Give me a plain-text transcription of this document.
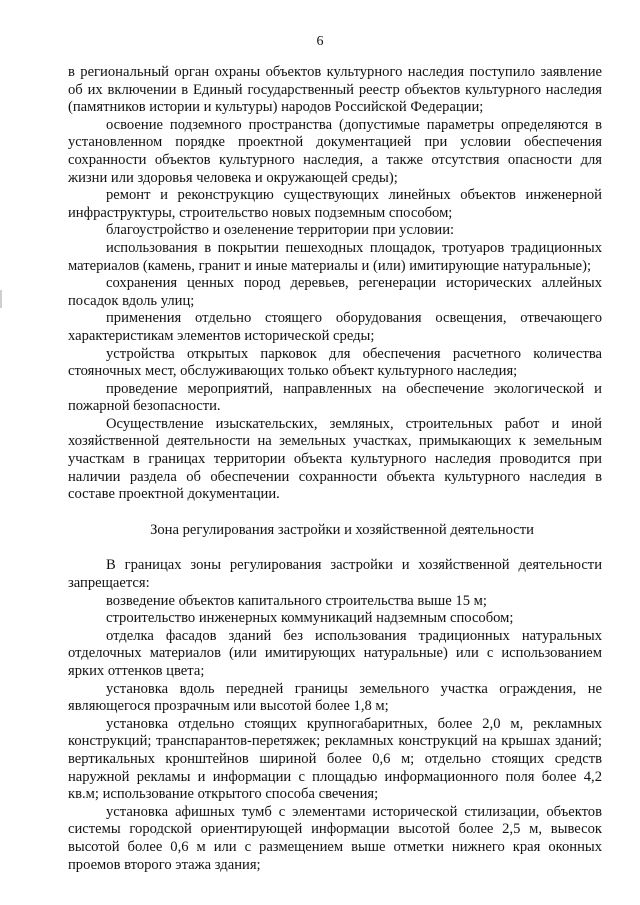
6

в региональный орган охраны объектов культурного наследия поступило заявление об их включении в Единый государственный реестр объектов культурного наследия (памятников истории и культуры) народов Российской Федерации;

освоение подземного пространства (допустимые параметры определяются в установленном порядке проектной документацией при условии обеспечения сохранности объектов культурного наследия, а также отсутствия опасности для жизни или здоровья человека и окружающей среды);

ремонт и реконструкцию существующих линейных объектов инженерной инфраструктуры, строительство новых подземным способом;

благоустройство и озеленение территории при условии:

использования в покрытии пешеходных площадок, тротуаров традиционных материалов (камень, гранит и иные материалы и (или) имитирующие натуральные);

сохранения ценных пород деревьев, регенерации исторических аллейных посадок вдоль улиц;

применения отдельно стоящего оборудования освещения, отвечающего характеристикам элементов исторической среды;

устройства открытых парковок для обеспечения расчетного количества стояночных мест, обслуживающих только объект культурного наследия;

проведение мероприятий, направленных на обеспечение экологической и пожарной безопасности.

Осуществление изыскательских, земляных, строительных работ и иной хозяйственной деятельности на земельных участках, примыкающих к земельным участкам в границах территории объекта культурного наследия проводится при наличии раздела об обеспечении сохранности объекта культурного наследия в составе проектной документации.

Зона регулирования застройки и хозяйственной деятельности

В границах зоны регулирования застройки и хозяйственной деятельности запрещается:

возведение объектов капитального строительства выше 15 м;

строительство инженерных коммуникаций надземным способом;

отделка фасадов зданий без использования традиционных натуральных отделочных материалов (или имитирующих натуральные) или с использованием ярких оттенков цвета;

установка вдоль передней границы земельного участка ограждения, не являющегося прозрачным или высотой более 1,8 м;

установка отдельно стоящих крупногабаритных, более 2,0 м, рекламных конструкций; транспарантов-перетяжек; рекламных конструкций на крышах зданий; вертикальных кронштейнов шириной более 0,6 м; отдельно стоящих средств наружной рекламы и информации с площадью информационного поля более 4,2 кв.м; использование открытого способа свечения;

установка афишных тумб с элементами исторической стилизации, объектов системы городской ориентирующей информации высотой более 2,5 м, вывесок высотой более 0,6 м или с размещением выше отметки нижнего края оконных проемов второго этажа здания;
